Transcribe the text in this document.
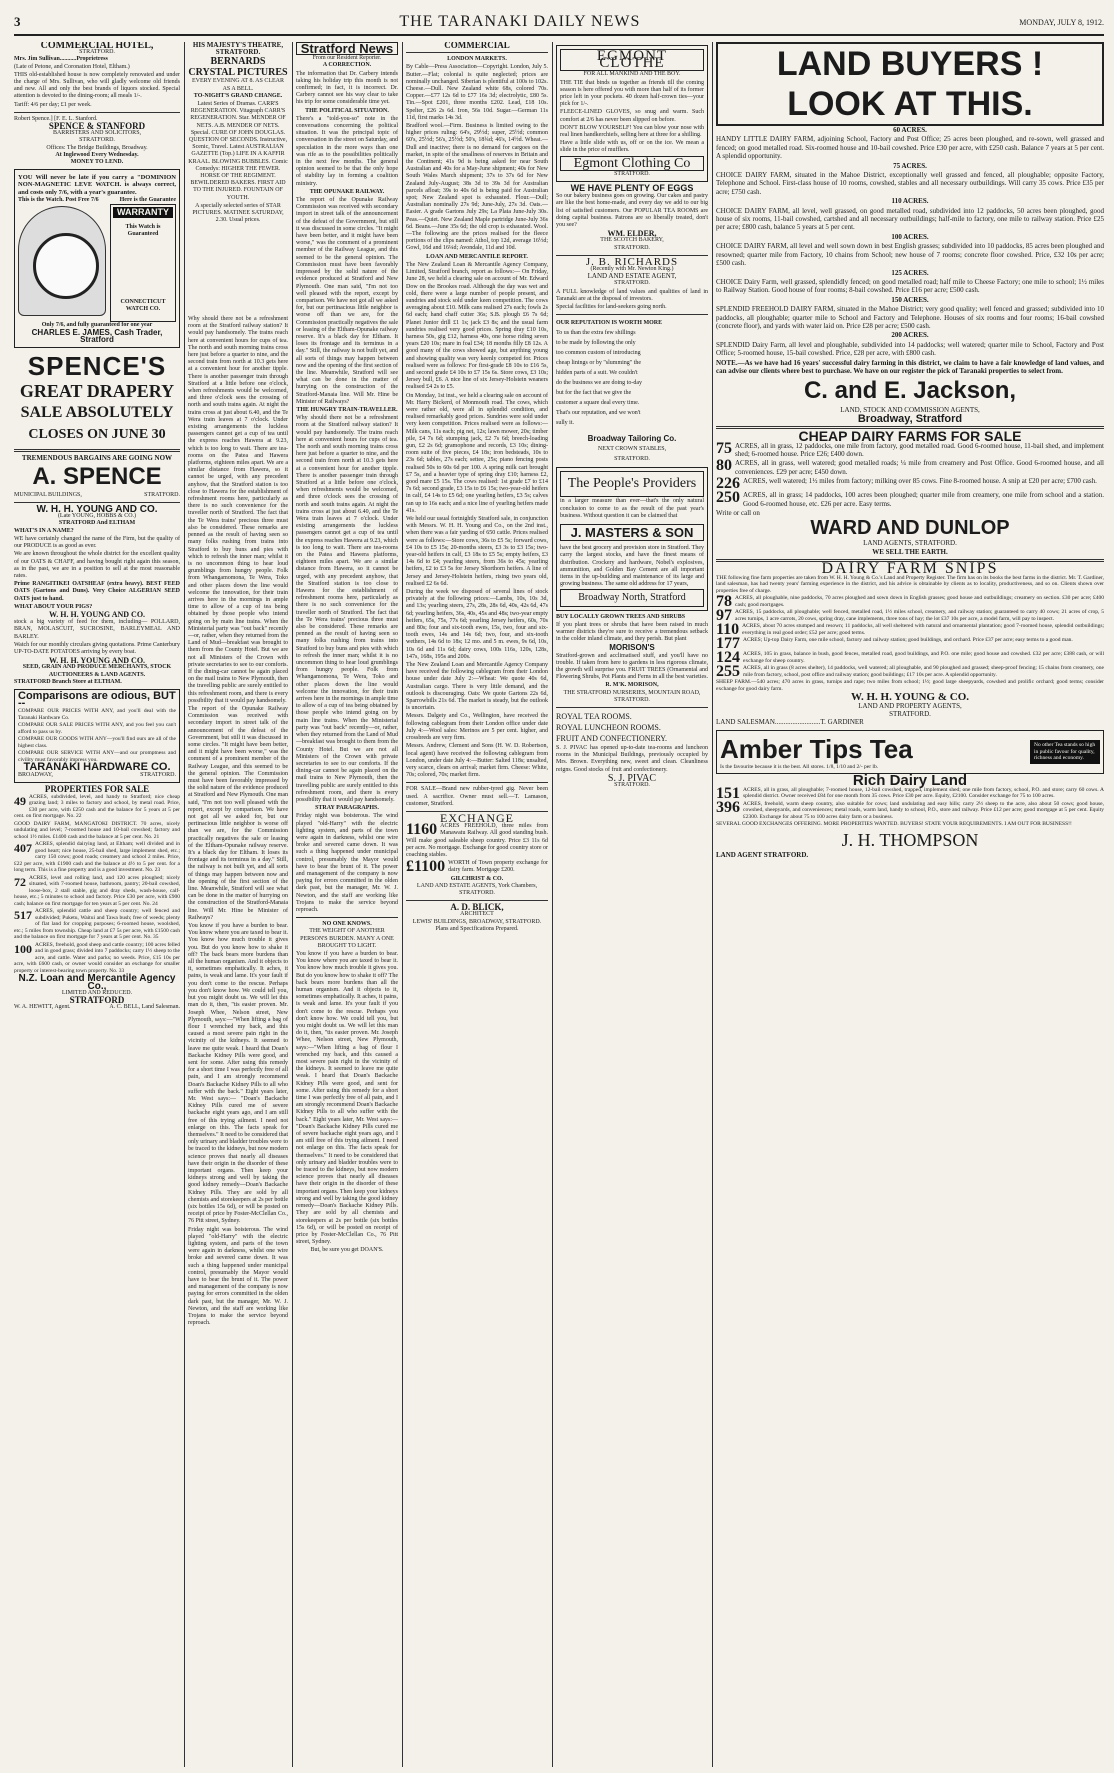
3	THE TARANAKI DAILY NEWS	MONDAY, JULY 8, 1912.
COMMERCIAL HOTEL,
STRATFORD.
Mrs. Jim Sullivan...........Proprietress
(Late of Petone, and Coronation Hotel, Eltham.)

THIS old-established house is now completely renovated and under the charge of Mrs. Sullivan, who will gladly welcome old friends and new. All and only the best brands of liquors stocked. Special attention is devoted to the dining-room; all meals 1/-.

Tariff: 4/6 per day; £1 per week.
Robert Spence.] [F. E. L. Stanford.
SPENCE & STANFORD
BARRISTERS AND SOLICITORS,
STRATFORD.
Offices: The Bridge Buildings, Broadway.
At Inglewood Every Wednesday.
MONEY TO LEND.

YOU Will never be late if you carry a "DOMINION NON-MAGNETIC LEVE WATCH. is always correct, and costs only 7/6, with a year's guarantee.

This is the Watch. Post Free 7/6	Here is the Guarantee
WARRANTY
This Watch is Guaranteed
CONNECTICUT WATCH CO.
Only 7/6, and fully guaranteed for one year
CHARLES E. JAMES, Cash Trader, Stratford
SPENCE'S
GREAT DRAPERY
SALE ABSOLUTELY
CLOSES ON JUNE 30
TREMENDOUS BARGAINS ARE GOING NOW
A. SPENCE
MUNICIPAL BUILDINGS,	STRATFORD.
W. H. H. YOUNG AND CO.
(Late YOUNG, HOBBS & CO.)
STRATFORD And ELTHAM
WHAT'S IN A NAME?

WE have certainly changed the name of the Firm, but the quality of our PRODUCE is as good as ever.

We are known throughout the whole district for the excellent quality of our OATS & CHAFF, and having bought right again this season, as in the past, we are in a position to sell at the most reasonable rates.

Prime RANGITIKEI OATSHEAF (extra heavy). BEST FEED OATS (Gartons and Duns). Very Choice ALGERIAN SEED OATS just to hand.

WHAT ABOUT YOUR PIGS?
W. H. H. YOUNG AND CO.

stock a big variety of feed for them, including— POLLARD, BRAN, MOLASCUIT, SUCROSINE, BARLEYMEAL AND BARLEY.

Watch for our monthly circulars giving quotations. Prime Canterbury UP-TO-DATE POTATOES arriving by every boat.

W. H. H. YOUNG AND CO.
SEED, GRAIN AND PRODUCE MERCHANTS, STOCK AUCTIONEERS & LAND AGENTS.
STRATFORD Branch Store at ELTHAM.
Comparisons are odious, BUT --

COMPARE OUR PRICES WITH ANY, and you'll deal with the Taranaki Hardware Co.

COMPARE OUR SALE PRICES WITH ANY, and you feel you can't afford to pass us by.

COMPARE OUR GOODS WITH ANY—you'll find ours are all of the highest class.

COMPARE OUR SERVICE WITH ANY—and our promptness and civility must favorably impress you.

TARANAKI HARDWARE CO.
BROADWAY,	STRATFORD.
PROPERTIES FOR SALE
49 ACRES, subdivided, level, and handy to Stratford; nice cheap grazing land; 3 miles to factory and school, by metal road. Price, £30 per acre, with £250 cash and the balance for 5 years at 5 per cent. on first mortgage. No. 22

GOOD DAIRY FARM, MANGATOKI DISTRICT. 70 acres, nicely undulating and level; 7-roomed house and 10-bail cowshed; factory and school 1½ miles. £1400 cash and the balance at 5 per cent. No. 21

407 ACRES, splendid dairying land, at Eltham; well divided and in good heart; nice house, 25-bail shed, large implement shed, etc.; carry 150 cows; good roads; creamery and school 2 miles. Price, £22 per acre, with £1900 cash and the balance at 4½ to 5 per cent. for a long term. This is a fine property and is a good investment. No. 23

72 ACRES, level and rolling land, and 120 acres ploughed; nicely situated, with 7-roomed house, bathroom, pantry; 20-bail cowshed, loose-box, 2 stall stable, gig and dray sheds, wash-house, calf-house, etc.; 5 minutes to school and factory. Price £30 per acre, with £900 cash; balance on first mortgage for ten years at 5 per cent. No. 24

517 ACRES, splendid cattle and sheep country; well fenced and subdivided; Puketu, Waitui and Tawa bush; free of weeds; plenty of flat land for cropping purposes; 6-roomed house, woolshed, etc.; 5 miles from township. Cheap land at £7 5s per acre, with £1500 cash and the balance on first mortgage for 7 years at 5 per cent. No. 35

100 ACRES, freehold, good sheep and cattle country; 100 acres felled and in good grass; divided into 7 paddocks; carry 1½ sheep to the acre, and cattle. Water and parks; no weeds. Price, £15 10s per acre, with £600 cash, or owner would consider an exchange for smaller property or interest-bearing town property. No. 33

N.Z. Loan and Mercantile Agency Co.,
LIMITED AND REDUCED.
STRATFORD
W. A. HEWITT, Agent.	A. C. BELL, Land Salesman.
HIS MAJESTY'S THEATRE, STRATFORD.
BERNARDS CRYSTAL PICTURES
EVERY EVENING AT 8. AS CLEAR AS A BELL.
TO-NIGHT'S GRAND CHANGE.

Latest Series of Dramas. CARR'S REGENERATION. Vitagraph CARR'S REGENERATION. Star. MENDER OF NETS. A.B. MENDER OF NETS. Special. CURE OF JOHN DOUGLAS. QUESTION OF SECONDS. Instructive, Scenic, Travel. Latest AUSTRALIAN GAZETTE (Top.) LIFE IN A KAFFIR KRAAL. BLOWING BUBBLES. Comic Comedys: HIGHER THE FEWER. HORSE OF THE REGIMENT. BEWILDERED BAKERS. FIRST AID TO THE INJURED. FOUNTAIN OF YOUTH.

A specially selected series of STAR PICTURES. MATINEE SATURDAY, 2.30. Usual prices.

Stratford News
From our Resident Reporter.
A CORRECTION.

The information that Dr. Carbery intends taking his holiday trip this month is not confirmed; in fact, it is incorrect. Dr. Carbery cannot see his way clear to take his trip for some considerable time yet.

THE POLITICAL SITUATION.

There's a "told-you-so" note in the conversations concerning the political situation. It was the principal topic of conversation in the street on Saturday, and speculation in the more ways than one was rife as to the possibilities politically in the next few months. The general opinion seemed to be that the only hope of stability lay in forming a coalition ministry.

THE OPUNAKE RAILWAY.

The report of the Opunake Railway Commission was received with secondary import in street talk of the announcement of the defeat of the Government, but still it was discussed in some circles. "It might have been better, and it might have been worse," was the comment of a prominent member of the Railway League, and this seemed to be the general opinion. The Commission must have been favorably impressed by the solid nature of the evidence produced at Stratford and New Plymouth. One man said, "I'm not too well pleased with the report, except by comparison. We have not got all we asked for, but our pertinacious little neighbor is worse off than we are, for the Commission practically negatives the sale or leasing of the Eltham-Opunake railway reserve. It's a black day for Eltham. It loses its frontage and its terminus in a day." Still, the railway is not built yet, and all sorts of things may happen between now and the opening of the first section of the line. Meanwhile, Stratford will see what can be done in the matter of hurrying on the construction of the Stratford-Manaia line. Will Mr. Hine be Minister of Railways?

THE HUNGRY TRAIN-TRAVELLER.

Why should there not be a refreshment room at the Stratford railway station? It would pay handsomely. The trains reach here at convenient hours for cups of tea. The north and south morning trains cross here just before a quarter to nine, and the second train from north at 10.3 gets here at a convenient hour for another tipple. There is another passenger train through Stratford at a little before one o'clock, when refreshments would be welcomed, and three o'clock sees the crossing of north and south trains again. At night the trains cross at just about 6.40, and the Te Wera train leaves at 7 o'clock. Under existing arrangements the luckless passengers cannot get a cup of tea until the express reaches Hawera at 9.23, which is too long to wait. There are tea-rooms on the Patea and Hawera platforms, eighteen miles apart. We are a similar distance from Hawera, so it cannot be urged, with any precedent anyhow, that the Stratford station is too close to Hawera for the establishment of refreshment rooms here, particularly as there is no such convenience for the traveller north of Stratford. The fact that the Te Wera trains' precious three must also be considered. These remarks are penned as the result of having seen so many folks rushing from trains into Stratford to buy buns and pies with which to refresh the inner man; whilst it is no uncommon thing to hear loud grumblings from hungry people. Folk from Whangamomona, Te Wera, Toko and other places down the line would welcome the innovation, for their train arrives here in the mornings in ample time to allow of a cup of tea being obtained by those people who intend going on by main line trains. When the Ministerial party was "out back" recently—or, rather, when they returned from the Land of Mud—breakfast was brought to them from the County Hotel. But we are not all Ministers of the Crown with private secretaries to see to our comforts. If the dining-car cannot be again placed on the mail trains to New Plymouth, then the travelling public are surely entitled to this refreshment room, and there is every possibility that it would pay handsomely.

STRAY PARAGRAPHS.

Friday night was boisterous. The wind played "old-Harry" with the electric lighting system, and parts of the town were again in darkness, whilst one wire broke and severed came down. It was such a thing happened under municipal control, presumably the Mayor would have to bear the brunt of it. The power and management of the company is now paying for errors committed in the olden dark past, but the manager, Mr. W. J. Newton, and the staff are working like Trojans to make the service beyond reproach.

NO ONE KNOWS.
THE WEIGHT OF ANOTHER PERSON'S BURDEN. MANY A ONE BROUGHT TO LIGHT.

You know if you have a burden to bear. You know where you are taxed to bear it. You know how much trouble it gives you. But do you know how to shake it off? The back bears more burdens than all the human organism. And it objects to it, sometimes emphatically. It aches, it pains, is weak and lame. It's your fault if you don't come to the rescue. Perhaps you don't know how. We could tell you, but you might doubt us. We will let this man do it, then, "tis easier proven. Mr. Joseph Whee, Nelson street, New Plymouth, says:—"When lifting a bag of flour I wrenched my back, and this caused a most severe pain right in the vicinity of the kidneys. It seemed to leave me quite weak. I heard that Doan's Backache Kidney Pills were good, and sent for some. After using this remedy for a short time I was perfectly free of all pain, and I am strongly recommend Doan's Backache Kidney Pills to all who suffer with the back." Eight years later, Mr. West says:— "Doan's Backache Kidney Pills cured me of severe backache eight years ago, and I am still free of this trying ailment. I need not enlarge on this. The facts speak for themselves." It need to be considered that only urinary and bladder troubles were to be traced to the kidneys, but now modern science proves that nearly all diseases have their origin in the disorder of these important organs. Then keep your kidneys strong and well by taking the good kidney remedy—Doan's Backache Kidney Pills. They are sold by all chemists and storekeepers at 2s per bottle (six bottles 15s 6d), or will be posted on receipt of price by Foster-McClellan Co., 76 Pitt street, Sydney.

But, be sure you get DOAN'S.

Why should there not be a refreshment room at the Stratford railway station? It would pay handsomely. The trains reach here at convenient hours for cups of tea. The north and south morning trains cross here just before a quarter to nine, and the second train from north at 10.3 gets here at a convenient hour for another tipple. There is another passenger train through Stratford at a little before one o'clock, when refreshments would be welcomed, and three o'clock sees the crossing of north and south trains again. At night the trains cross at just about 6.40, and the Te Wera train leaves at 7 o'clock. Under existing arrangements the luckless passengers cannot get a cup of tea until the express reaches Hawera at 9.23, which is too long to wait. There are tea-rooms on the Patea and Hawera platforms, eighteen miles apart. We are a similar distance from Hawera, so it cannot be urged, with any precedent anyhow, that the Stratford station is too close to Hawera for the establishment of refreshment rooms here, particularly as there is no such convenience for the traveller north of Stratford. The fact that the Te Wera trains' precious three must also be considered. These remarks are penned as the result of having seen so many folks rushing from trains into Stratford to buy buns and pies with which to refresh the inner man; whilst it is no uncommon thing to hear loud grumblings from hungry people. Folk from Whangamomona, Te Wera, Toko and other places down the line would welcome the innovation, for their train arrives here in the mornings in ample time to allow of a cup of tea being obtained by those people who intend going on by main line trains. When the Ministerial party was "out back" recently—or, rather, when they returned from the Land of Mud—breakfast was brought to them from the County Hotel. But we are not all Ministers of the Crown with private secretaries to see to our comforts. If the dining-car cannot be again placed on the mail trains to New Plymouth, then the travelling public are surely entitled to this refreshment room, and there is every possibility that it would pay handsomely.

The report of the Opunake Railway Commission was received with secondary import in street talk of the announcement of the defeat of the Government, but still it was discussed in some circles. "It might have been better, and it might have been worse," was the comment of a prominent member of the Railway League, and this seemed to be the general opinion. The Commission must have been favorably impressed by the solid nature of the evidence produced at Stratford and New Plymouth. One man said, "I'm not too well pleased with the report, except by comparison. We have not got all we asked for, but our pertinacious little neighbor is worse off than we are, for the Commission practically negatives the sale or leasing of the Eltham-Opunake railway reserve. It's a black day for Eltham. It loses its frontage and its terminus in a day." Still, the railway is not built yet, and all sorts of things may happen between now and the opening of the first section of the line. Meanwhile, Stratford will see what can be done in the matter of hurrying on the construction of the Stratford-Manaia line. Will Mr. Hine be Minister of Railways?

You know if you have a burden to bear. You know where you are taxed to bear it. You know how much trouble it gives you. But do you know how to shake it off? The back bears more burdens than all the human organism. And it objects to it, sometimes emphatically. It aches, it pains, is weak and lame. It's your fault if you don't come to the rescue. Perhaps you don't know how. We could tell you, but you might doubt us. We will let this man do it, then, "tis easier proven. Mr. Joseph Whee, Nelson street, New Plymouth, says:—"When lifting a bag of flour I wrenched my back, and this caused a most severe pain right in the vicinity of the kidneys. It seemed to leave me quite weak. I heard that Doan's Backache Kidney Pills were good, and sent for some. After using this remedy for a short time I was perfectly free of all pain, and I am strongly recommend Doan's Backache Kidney Pills to all who suffer with the back." Eight years later, Mr. West says:— "Doan's Backache Kidney Pills cured me of severe backache eight years ago, and I am still free of this trying ailment. I need not enlarge on this. The facts speak for themselves." It need to be considered that only urinary and bladder troubles were to be traced to the kidneys, but now modern science proves that nearly all diseases have their origin in the disorder of these important organs. Then keep your kidneys strong and well by taking the good kidney remedy—Doan's Backache Kidney Pills. They are sold by all chemists and storekeepers at 2s per bottle (six bottles 15s 6d), or will be posted on receipt of price by Foster-McClellan Co., 76 Pitt street, Sydney.

Friday night was boisterous. The wind played "old-Harry" with the electric lighting system, and parts of the town were again in darkness, whilst one wire broke and severed came down. It was such a thing happened under municipal control, presumably the Mayor would have to bear the brunt of it. The power and management of the company is now paying for errors committed in the olden dark past, but the manager, Mr. W. J. Newton, and the staff are working like Trojans to make the service beyond reproach.

COMMERCIAL
LONDON MARKETS.

By Cable—Press Association—Copyright. London, July 5. Butter.—Flat; colonial is quite neglected; prices are nominally unchanged. Siberian is plentiful at 100s to 102s. Cheese.—Dull. New Zealand white 68s, colored 70s. Copper.—£77 12s 6d to £77 16s 3d; electrolytic, £80 5s. Tin.—Spot £201, three months £202. Lead, £18 10s. Spelter, £26 2s 6d. Iron, 56s 10d. Sugar.—German 11s 11d, first marks 14s 3d.

Bradford wool.—Firm. Business is limited owing to the higher prices ruling: 64's, 29½d; super, 25½d; common 60's, 25½d; 56's, 25½d; 50's, 18¾d; 46's, 14½d. Wheat.—Dull and inactive; there is no demand for cargoes on the market, in spite of the smallness of reserves in Britain and the Continent; 41s 9d is being asked for near South Australian and 40s for a May-June shipment; 40s for New South Wales March shipment; 37s to 37s 6d for New Zealand July-August; 38s 3d to 39s 3d for Australian parcels afloat; 39s to 40s 6d is being paid for Australian spot; New Zealand spot is exhausted. Flour.—Dull; Australian nominally 27s 9d; June-July, 27s 3d. Oats.—Easier. A grade Gartons July 29s; La Plata June-July 30s. Peas.—Quiet. New Zealand Maple partridge June-July 36s 6d. Beans.—June 35s 6d; the old crop is exhausted. Wool.—The following are the prices realised for the fleece portions of the clips named: Athol, top 12d, average 16½d; Gowl, 16d and 16¼d; Avondale, 11d and 10d.

LOAN AND MERCANTILE REPORT.

The New Zealand Loan & Mercantile Agency Company, Limited, Stratford branch, report as follows:— On Friday, June 28, we held a clearing sale on account of Mr. Edward Dow on the Brookes road. Although the day was wet and cold, there were a large number of people present, and sundries and stock sold under keen competition. The cows averaging about £10. Milk cans realised 27s each; fowls 2s 6d each; hand chaff cutter 36s; S.B. plough £6 7s 6d; Planet Junior drill £1 1s; jack £3 8s; and the usual farm sundries realised very good prices. Spring dray £10 10s, harness 50s, gig £12, harness 40s, one horse riding seven years £20 10s; mare in foal £34; 18 months filly £8 12s. A good many of the cows showed age, but anything young and showing quality was very keenly competed for. Prices realised were as follows: For first-grade £8 10s to £16 5s, and second grade £4 10s to £7 15s 6s. Store cows, £3 10s; Jersey bull, £6. A nice line of six Jersey-Holstein weaners realised £4 2s to £5.

On Monday, 1st inst., we held a clearing sale on account of Mr. Harry Bickerd, of Monmouth road. The cows, which were rather old, were all in splendid condition, and realised remarkably good prices. Sundries were sold under very keen competition. Prices realised were as follows:—Milk cans, 11s each; pig net, 12s; lawn mower, 20s; timber pile, £4 7s 6d; stumping jack, £2 7s 6d; breech-loading gun, £2 2s 6d; gramophone and records, £3 10s; dining-room suite of five pieces, £4 18s; iron bedsteads, 10s to 23s 6d; tables, 27s each; settee, 25s; piano fencing posts realised 50s to 60s 6d per 100. A spring milk cart brought £7 5s, and a heavier type of spring dray £10; harness £2, good mare £5 15s. The cows realised: 1st grade £7 to £14 7s 6d; second grade, £3 15s to £6 15s; two-year-old heifers in calf, £4 14s to £5 6d; one yearling heifers, £3 5s; calves ran up to 16s each; and a nice line of yearling heifers made 41s.

We held our usual fortnightly Stratford sale, in conjunction with Messrs. W. H. H. Young and Co., on the 2nd inst., when there was a fair yarding of 650 cattle. Prices realised were as follows:—Store cows, 36s to £5 5s; forward cows, £4 10s to £5 15s; 20-months steers, £3 3s to £3 15s; two-year-old heifers in calf, £3 18s to £5 5s; empty heifers, £3 14s 6d to £4; yearling steers, from 36s to 45s; yearling heifers, £2 to £3 5s for Jersey Shorthorn heifers. A line of Jersey and Jersey-Holstein heifers, rising two years old, realised £2 6s 6d.

During the week we disposed of several lines of stock privately at the following prices:—Lambs, 10s, 10s 3d, and 13s; yearling steers, 27s, 28s, 28s 6d, 40s, 42s 6d, 47s 6d; yearling heifers, 36s, 40s, 45s and 48s; two-year empty heifers, 65s, 75s, 77s 6d; yearling Jersey heifers, 60s, 70s and 80s; four and six-tooth ewes, 15s, two, four and six-tooth ewes, 14s and 14s 6d; two, four, and six-tooth wethers, 14s 6d to 18s; 12 mo. and 5 m. ewes, 9s 6d, 10s, 10s 6d and 11s 6d; dairy cows, 100s 116s, 120s, 128s, 147s, 168s, 195s and 200s.

The New Zealand Loan and Mercantile Agency Company have received the following cablegram from their London house under date July 2:—Wheat: We quote 40s 6d, Australian cargo. There is very little demand, and the outlook is discouraging. Oats: We quote Gartons 22s 6d, Sparrowbills 21s 6d. The market is steady, but the outlook is uncertain.

Messrs. Dalgety and Co., Wellington, have received the following cablegram from their London office under date July 4:—Wool sales: Merinos are 5 per cent. higher, and crossbreds are very firm.

Messrs. Andrew, Clement and Sons (H. W. D. Robertson, local agent) have received the following cablegram from London, under date July 4:—Butter: Salted 118s; unsalted, very scarce, clears on arrival; market firm. Cheese: White, 70s; colored, 70s; market firm.

FOR SALE—Brand new rubber-tyred gig. Never been used. A sacrifice. Owner must sell.—T. Lamason, customer, Stratford.

EXCHANGE
1160 ACRES FREEHOLD, three miles from Manawatu Railway. All good standing bush. Will make good saleable sheep country. Price £3 11s 6d per acre. No mortgage. Exchange for good country store or coaching stables.

£1100 WORTH of Town property exchange for dairy farm. Mortgage £200.

GILCHRIST & CO.
LAND AND ESTATE AGENTS, York Chambers, STRATFORD.
A. D. BLICK,
ARCHITECT
LEWIS' BUILDINGS, BROADWAY, STRATFORD.
Plans and Specifications Prepared.
EGMONT CLOTHE
FOR ALL MANKIND AND THE BOY.

THE TIE that binds us together as friends till the coming season is here offered you with more than half of its former price left in your pockets. 40 dozen half-crown ties—your pick for 1/-.

FLEECE-LINED GLOVES, so snug and warm. Such comfort at 2/6 has never been slipped on before.

DON'T BLOW YOURSELF! You can blow your nose with real linen handkerchiefs, selling here at three for a shilling.

Have a little slide with us, off or on the ice. We mean a slide in the price of mufflers.

Egmont Clothing Co
STRATFORD.
WE HAVE PLENTY OF EGGS

So our bakery business goes on growing. Our cakes and pastry are like the best home-made, and every day we add to our big list of satisfied customers. Our POPULAR TEA ROOMS are doing capital business. Patrons are so liberally treated, don't you see?

WM. ELDER,
THE SCOTCH BAKERY,
STRATFORD.
J. B. RICHARDS
(Recently with Mr. Newton King.)
LAND AND ESTATE AGENT,
STRATFORD.

A FULL knowledge of land values and qualities of land in Taranaki are at the disposal of investors.

Special facilities for land-seekers going north.

OUR REPUTATION IS WORTH MORE
To us than the extra few shillings
to be made by following the only
too common custom of introducing
cheap linings or by "slumming" the
hidden parts of a suit. We couldn't
do the business we are doing to-day
but for the fact that we give the
customer a square deal every time.
That's our reputation, and we won't
sully it.
Broadway Tailoring Co.
NEXT CROWN STABLES,
STRATFORD.
The People's Providers

in a larger measure than ever—that's the only natural conclusion to come to as the result of the past year's business. Without question it can be claimed that

J. MASTERS & SON

have the best grocery and provision store in Stratford. They carry the largest stocks, and have the finest means of distribution. Crockery and hardware, Nobel's explosives, ammunition, and Golden Bay Cement are all important items in the up-building and maintenance of its large and growing business. The same old address for 17 years,

Broadway North, Stratford
BUY LOCALLY GROWN TREES AND SHRUBS

If you plant trees or shrubs that have been raised in much warmer districts they're sure to receive a tremendous setback in the colder inland climate, and they perish. But plant

MORISON'S

Stratford-grown and acclimatised stuff, and you'll have no trouble. If taken from here to gardens in less rigorous climate, the growth will surprise you. FRUIT TREES (Ornamental and Flowering Shrubs, Pot Plants and Ferns in all the best varieties.

R. M'K. MORISON,
THE STRATFORD NURSERIES, MOUNTAIN ROAD, STRATFORD.
ROYAL TEA ROOMS.
ROYAL LUNCHEON ROOMS.
FRUIT AND CONFECTIONERY.

S. J. PIVAC has opened up-to-date tea-rooms and luncheon rooms in the Municipal Buildings, previously occupied by Mrs. Brown. Everything new, sweet and clean. Cleanliness reigns. Good stocks of fruit and confectionery.

S. J. PIVAC
STRATFORD.
LAND BUYERS !
LOOK AT THIS.
60 ACRES.

HANDY LITTLE DAIRY FARM, adjoining School, Factory and Post Office; 25 acres been ploughed, and re-sown, well grassed and fenced; on good metalled road. Six-roomed house and 10-bail cowshed. Price £30 per acre, with £250 cash. Balance 7 years at 5 per cent. A splendid opportunity.

75 ACRES.

CHOICE DAIRY FARM, situated in the Mahoe District, exceptionally well grassed and fenced, all ploughable; opposite Factory, Telephone and School. First-class house of 10 rooms, cowshed, stables and all necessary outbuildings. Will carry 35 cows. Price £35 per acre; £750 cash.

110 ACRES.

CHOICE DAIRY FARM, all level, well grassed, on good metalled road, subdivided into 12 paddocks, 50 acres been ploughed, good house of six rooms, 11-bail cowshed, cartshed and all necessary outbuildings; half-mile to factory, one mile to railway station. Price £25 per acre; £800 cash, balance 5 years at 5 per cent.

100 ACRES.

CHOICE DAIRY FARM, all level and well sown down in best English grasses; subdivided into 10 paddocks, 85 acres been ploughed and resowned; quarter mile from Factory, 10 chains from School; new house of 7 rooms; concrete floor cowshed. Price, £32 10s per acre; £500 cash.

125 ACRES.

CHOICE Dairy Farm, well grassed, splendidly fenced; on good metalled road; half mile to Cheese Factory; one mile to school; 1½ miles to Railway Station. Good house of four rooms; 8-bail cowshed. Price £16 per acre; £500 cash.

150 ACRES.

SPLENDID FREEHOLD DAIRY FARM, situated in the Mahoe District; very good quality; well fenced and grassed; subdivided into 10 paddocks, all ploughable; quarter mile to School and Factory and Telephone. Houses of six rooms and four rooms; 16-bail cowshed (concrete floor), and yards with water laid on. Price £28 per acre; £500 cash.

200 ACRES.

SPLENDID Dairy Farm, all level and ploughable, subdivided into 14 paddocks; well watered; quarter mile to School, Factory and Post Office; 5-roomed house, 15-bail cowshed. Price, £28 per acre, with £800 cash.

NOTE.—As we have had 16 years' successful dairy farming in this district, we claim to have a fair knowledge of land values, and can advise our clients where best to purchase. We have on our register the pick of Taranaki properties to select from.

C. and E. Jackson,
LAND, STOCK AND COMMISSION AGENTS,
Broadway, Stratford
CHEAP DAIRY FARMS FOR SALE
75 ACRES, all in grass, 12 paddocks, one mile from factory, good metalled road. Good 6-roomed house, 11-bail shed, and implement shed; 6-roomed house. Price £26; £400 down.

80 ACRES, all in grass, well watered; good metalled roads; ¼ mile from creamery and Post Office. Good 6-roomed house, and all conveniences. £29 per acre; £450 down.

226 ACRES, well watered; 1½ miles from factory; milking over 85 cows. Fine 8-roomed house. A snip at £20 per acre; £700 cash.

250 ACRES, all in grass; 14 paddocks, 100 acres been ploughed; quarter mile from creamery, one mile from school and a station. Good 6-roomed house, etc. £26 per acre. Easy terms.

Write or call on
WARD AND DUNLOP
LAND AGENTS, STRATFORD.
WE SELL THE EARTH.
DAIRY FARM SNIPS

THE following fine farm properties are taken from W. H. H. Young & Co.'s Land and Property Register. The firm has on its books the best farms in the district. Mr. T. Gardiner, land salesman, has had twenty years' farming experience in the district, and his advice is obtainable by clients as to locality, productiveness, and so on. Clients shown over properties free of charge.

78 ACRES, all ploughable, nine paddocks, 70 acres ploughed and sown down in English grasses; good house and outbuildings; creamery on section. £30 per acre; £400 cash; good mortgages.

97 ACRES, 15 paddocks, all ploughable; well fenced, metalled road, 1½ miles school, creamery, and railway station; guaranteed to carry 40 cows; 21 acres of crop, 5 acres turnips, 1 acre carrots, 20 cows, spring dray, cane implements, three tons of hay; the lot £37 10s per acre, a model farm, will pay to inspect.

110 ACRES, about 70 acres stumped and resown; 11 paddocks, all well sheltered with natural and ornamental plantation; good 7-roomed house, splendid outbuildings; everything in real good order; £52 per acre; good terms.

177 ACRES; Up-top Dairy Farm, one mile school, factory and railway station; good buildings, and orchard. Price £37 per acre; easy terms to a good man.

124 ACRES, 105 in grass, balance in bush, good fences, metalled road, good buildings, and P.O. one mile; good house and cowshed. £32 per acre; £388 cash, or will exchange for sheep country.

255 ACRES, all in grass (8 acres shelter), 14 paddocks, well watered; all ploughable, and 90 ploughed and grassed; sheep-proof fencing; 15 chains from creamery, one mile from factory, school, post office and railway station; good buildings; £17 10s per acre. A splendid opportunity.

SHEEP FARM.—540 acres; 470 acres in grass, turnips and rape; two miles from school; 1½; good large sheepyards, cowshed and prolific orchard; good terms; consider exchange for good dairy farm.

W. H. H. YOUNG & CO.
LAND AND PROPERTY AGENTS,
STRATFORD.
LAND SALESMAN..........................T. GARDINER
Amber Tips Tea
Is the favourite because it is the best. All stores. 1/8, 1/10 and 2/- per lb.
No other Tea stands so high in public favour for quality, richness and economy.
Rich Dairy Land
151 ACRES, all in grass, all ploughable; 7-roomed house, 12-bail cowshed, trapped, implement shed; one mile from factory, school, P.O. and store; carry 60 cows. A splendid district. Owner received £84 for one month from 35 cows. Price £30 per acre. Equity, £2100. Consider exchange for 75 to 100 acres.

396 ACRES, freehold, warm sheep country, also suitable for cows; land undulating and easy hills; carry 2½ sheep to the acre, also about 50 cows; good house, cowshed, sheepyards, and conveniences; metal roads, warm land, handy to school, P.O., store and railway. Price £12 per acre; good mortgage at 5 per cent. Equity £2300. Exchange for about 75 to 100 acres dairy farm or a business.

SEVERAL GOOD EXCHANGES OFFERING. MORE PROPERTIES WANTED. BUYERS! STATE YOUR REQUIREMENTS. I AM OUT FOR BUSINESS!!

J. H. THOMPSON
LAND AGENT STRATFORD.
